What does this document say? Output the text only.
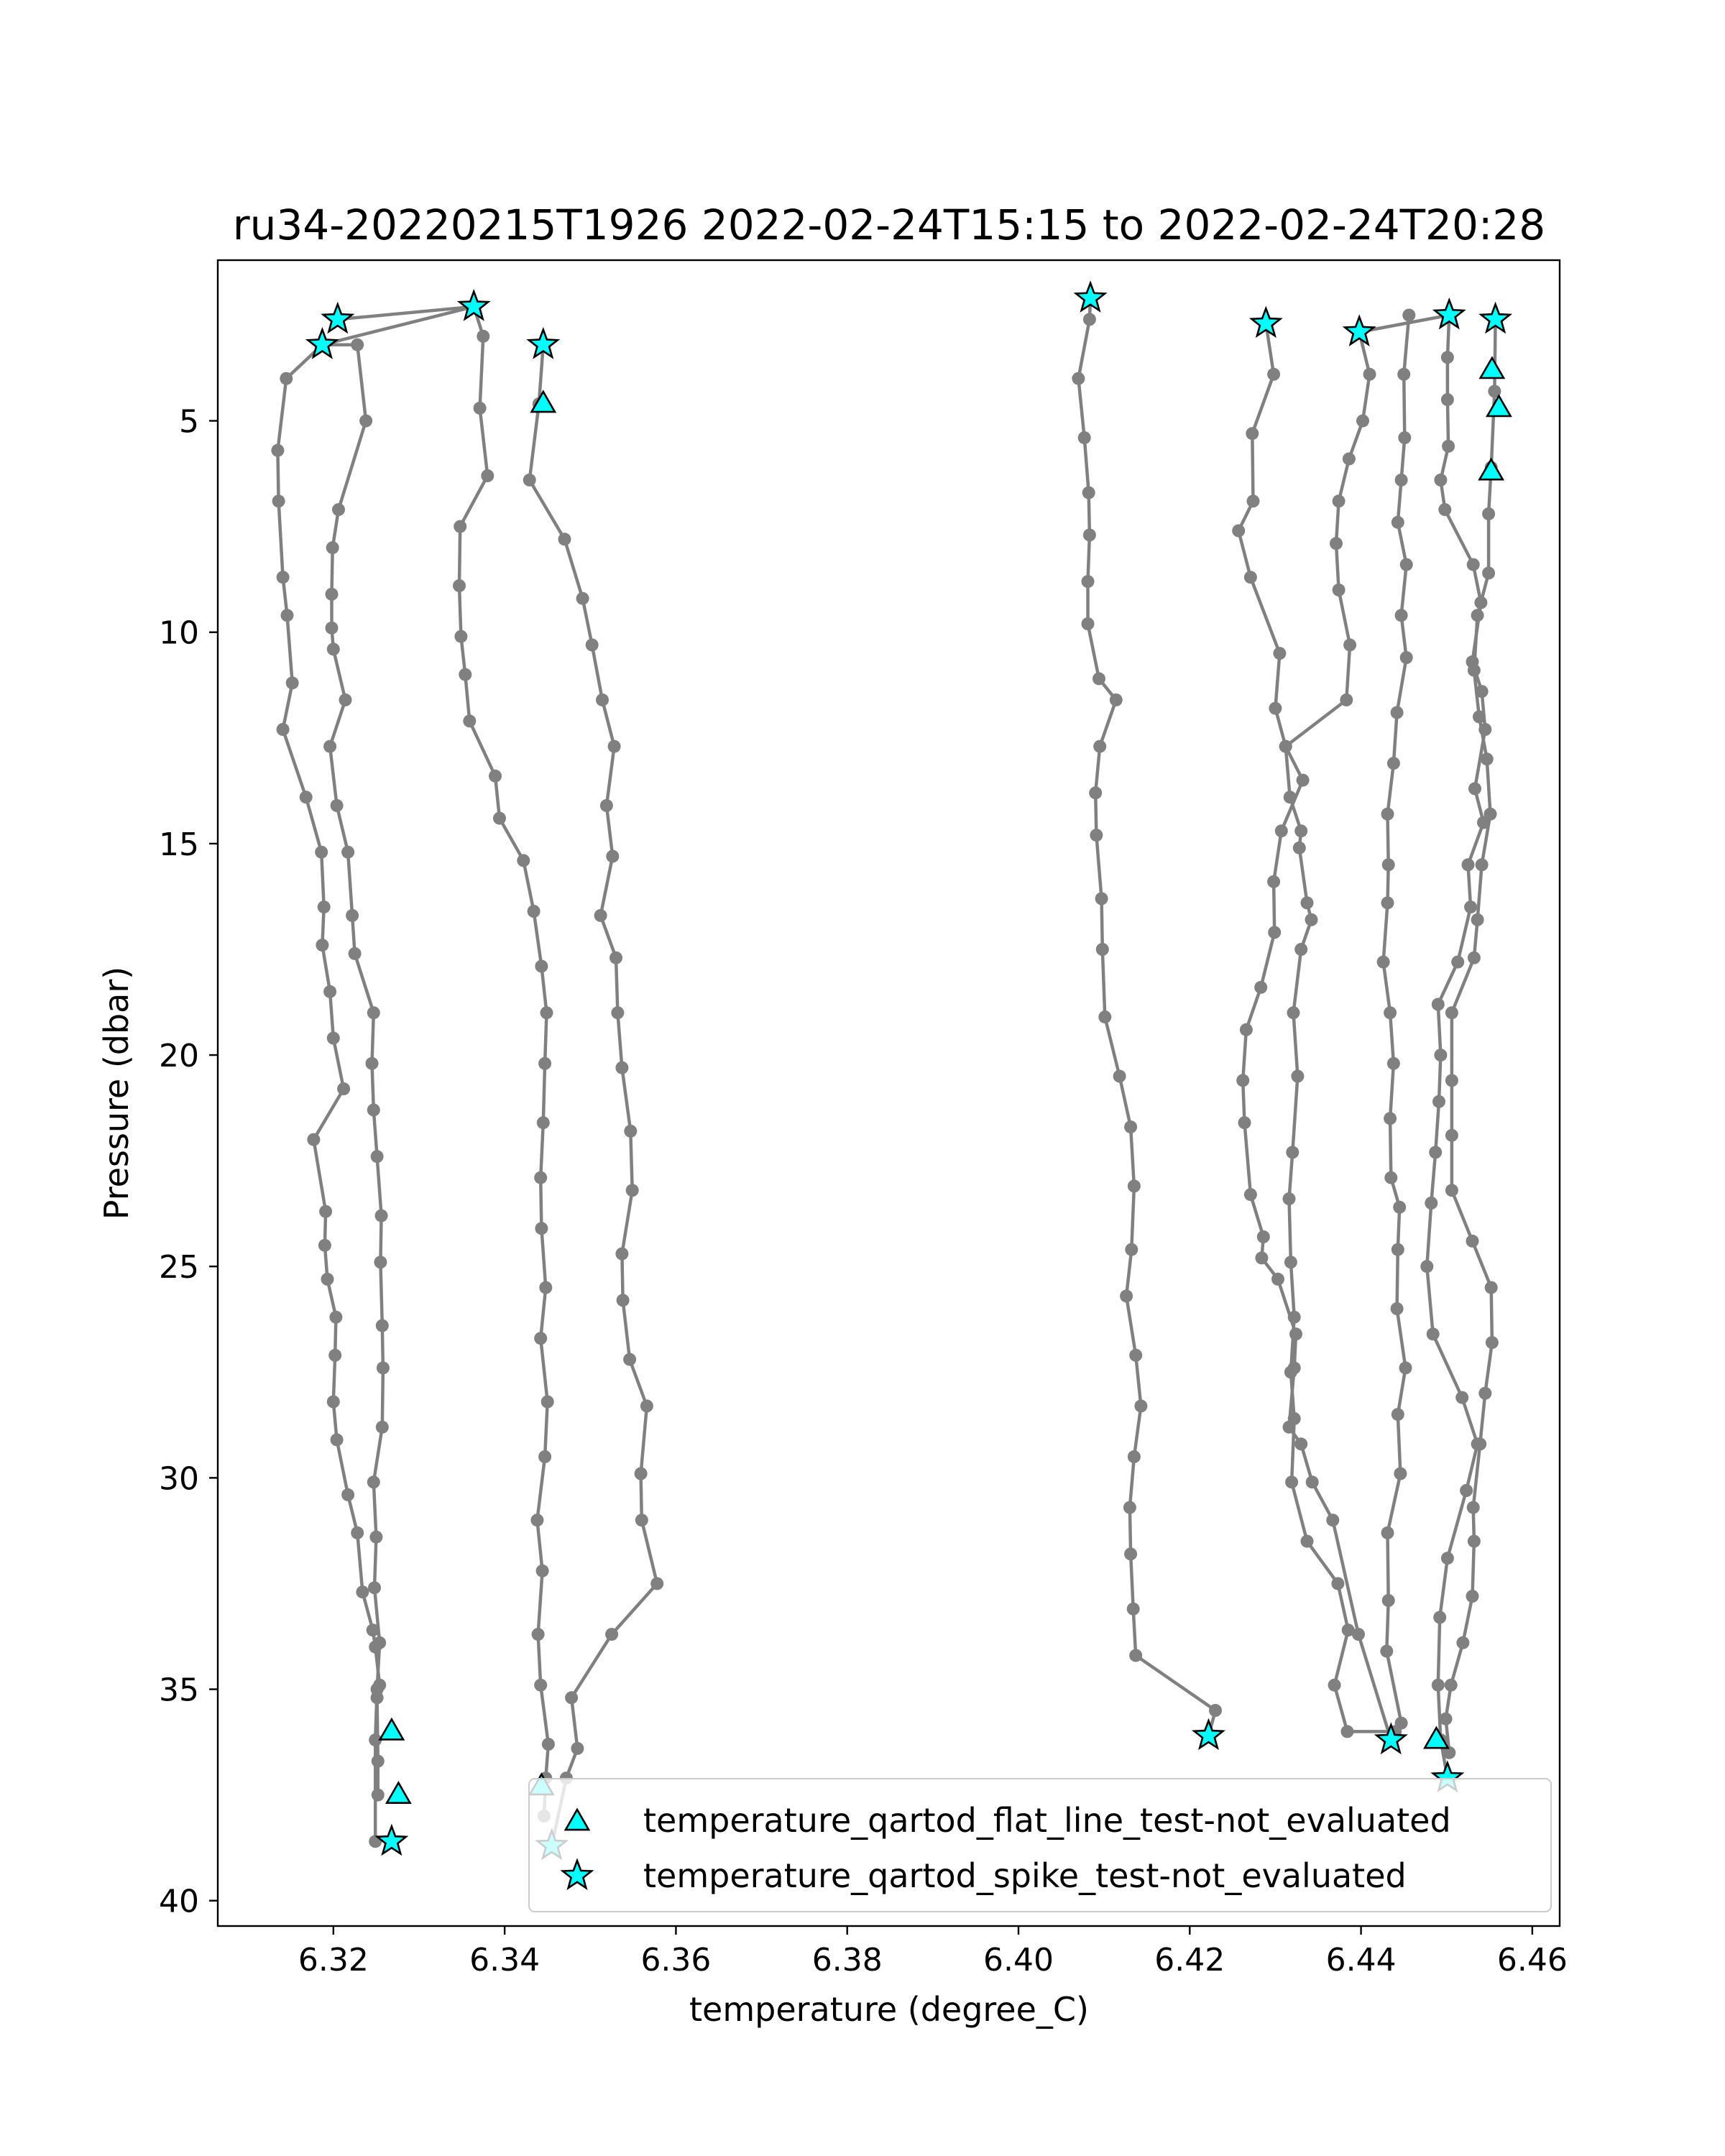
ru34-20220215T1926 2022-02-24T15:15 to 2022-02-24T20:28
6.32	6.34	6.36	6.38	6.40	6.42	6.44	6.46
5
10
15
20
25
30
35
40
temperature (degree_C)
Pressure (dbar)
temperature_qartod_flat_line_test-not_evaluated
temperature_qartod_spike_test-not_evaluated
